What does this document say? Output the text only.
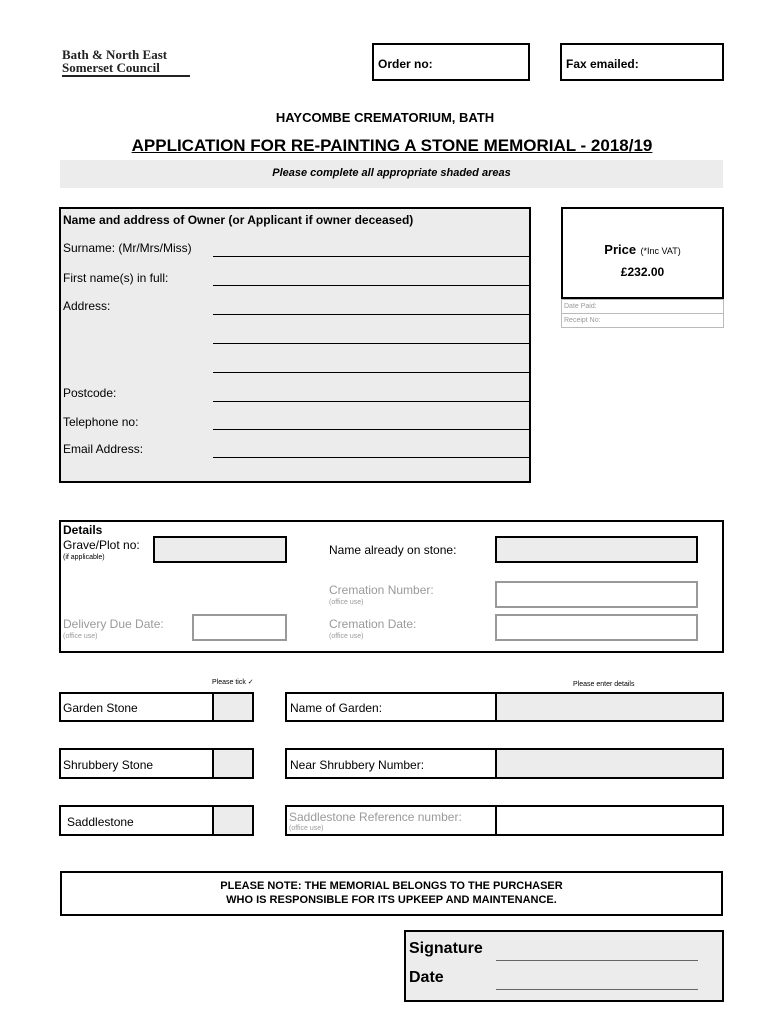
Bath & North East
Somerset Council	Order no:	Fax emailed:
HAYCOMBE CREMATORIUM, BATH
APPLICATION FOR RE-PAINTING A STONE MEMORIAL - 2018/19
Please complete all appropriate shaded areas
Name and address of Owner (or Applicant if owner deceased)
Surname: (Mr/Mrs/Miss)
First name(s) in full:
Address:
Postcode:
Telephone no:
Email Address:
Price (*Inc VAT)
£232.00
Date Paid:
Receipt No:
Details
Grave/Plot no:
(if applicable)
Name already on stone:
Cremation Number:
(office use)
Delivery Due Date:
(office use)
Cremation Date:
(office use)
Please tick ✓	Please enter details
Garden Stone	Name of Garden:
Shrubbery Stone	Near Shrubbery Number:
Saddlestone	Saddlestone Reference number:
(office use)
PLEASE NOTE: THE MEMORIAL BELONGS TO THE PURCHASER
WHO IS RESPONSIBLE FOR ITS UPKEEP AND MAINTENANCE.
Signature
Date
